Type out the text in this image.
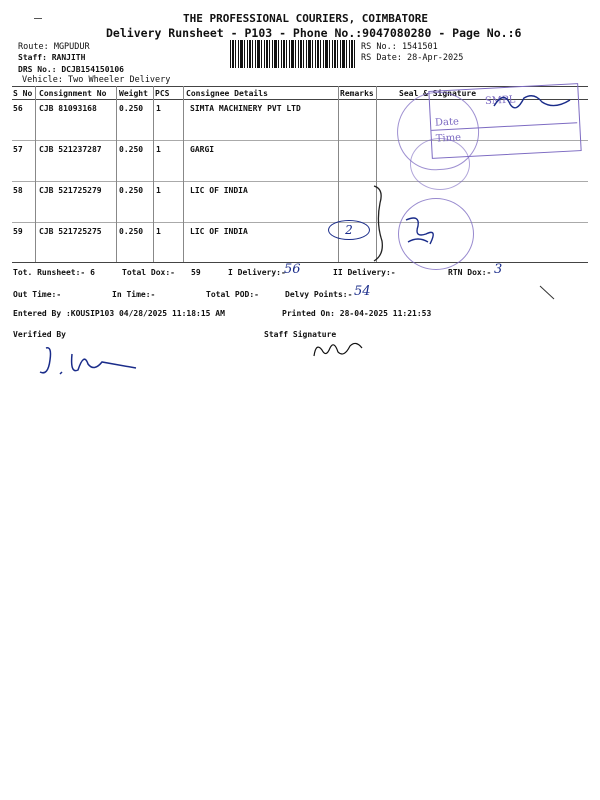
THE PROFESSIONAL COURIERS, COIMBATORE
Delivery Runsheet - P103 - Phone No.:9047080280 - Page No.:6
Route: MGPUDUR
Staff: RANJITH
DRS No.: DCJB154150106
Vehicle: Two Wheeler Delivery
RS No.: 1541501
RS Date: 28-Apr-2025
S No Consignment No Weight PCS Consignee Details	Remarks	Seal & Signature
56 CJB 81093168	0.250 1	SIMTA MACHINERY PVT LTD
57 CJB 521237287 0.250 1	GARGI
58 CJB 521725279 0.250 1	LIC OF INDIA
59 CJB 521725275 0.250 1	LIC OF INDIA	2
SMPL
Date
Time
Tot. Runsheet:- 6	Total Dox:- 59	I Delivery:-
56	II Delivery:-	RTN Dox:- 3
Out Time:-	In Time:-	Total POD:-	Delvy Points:- 54
Entered By :KOUSIP103 04/28/2025 11:18:15 AM	Printed On: 28-04-2025 11:21:53
Verified By	Staff Signature
